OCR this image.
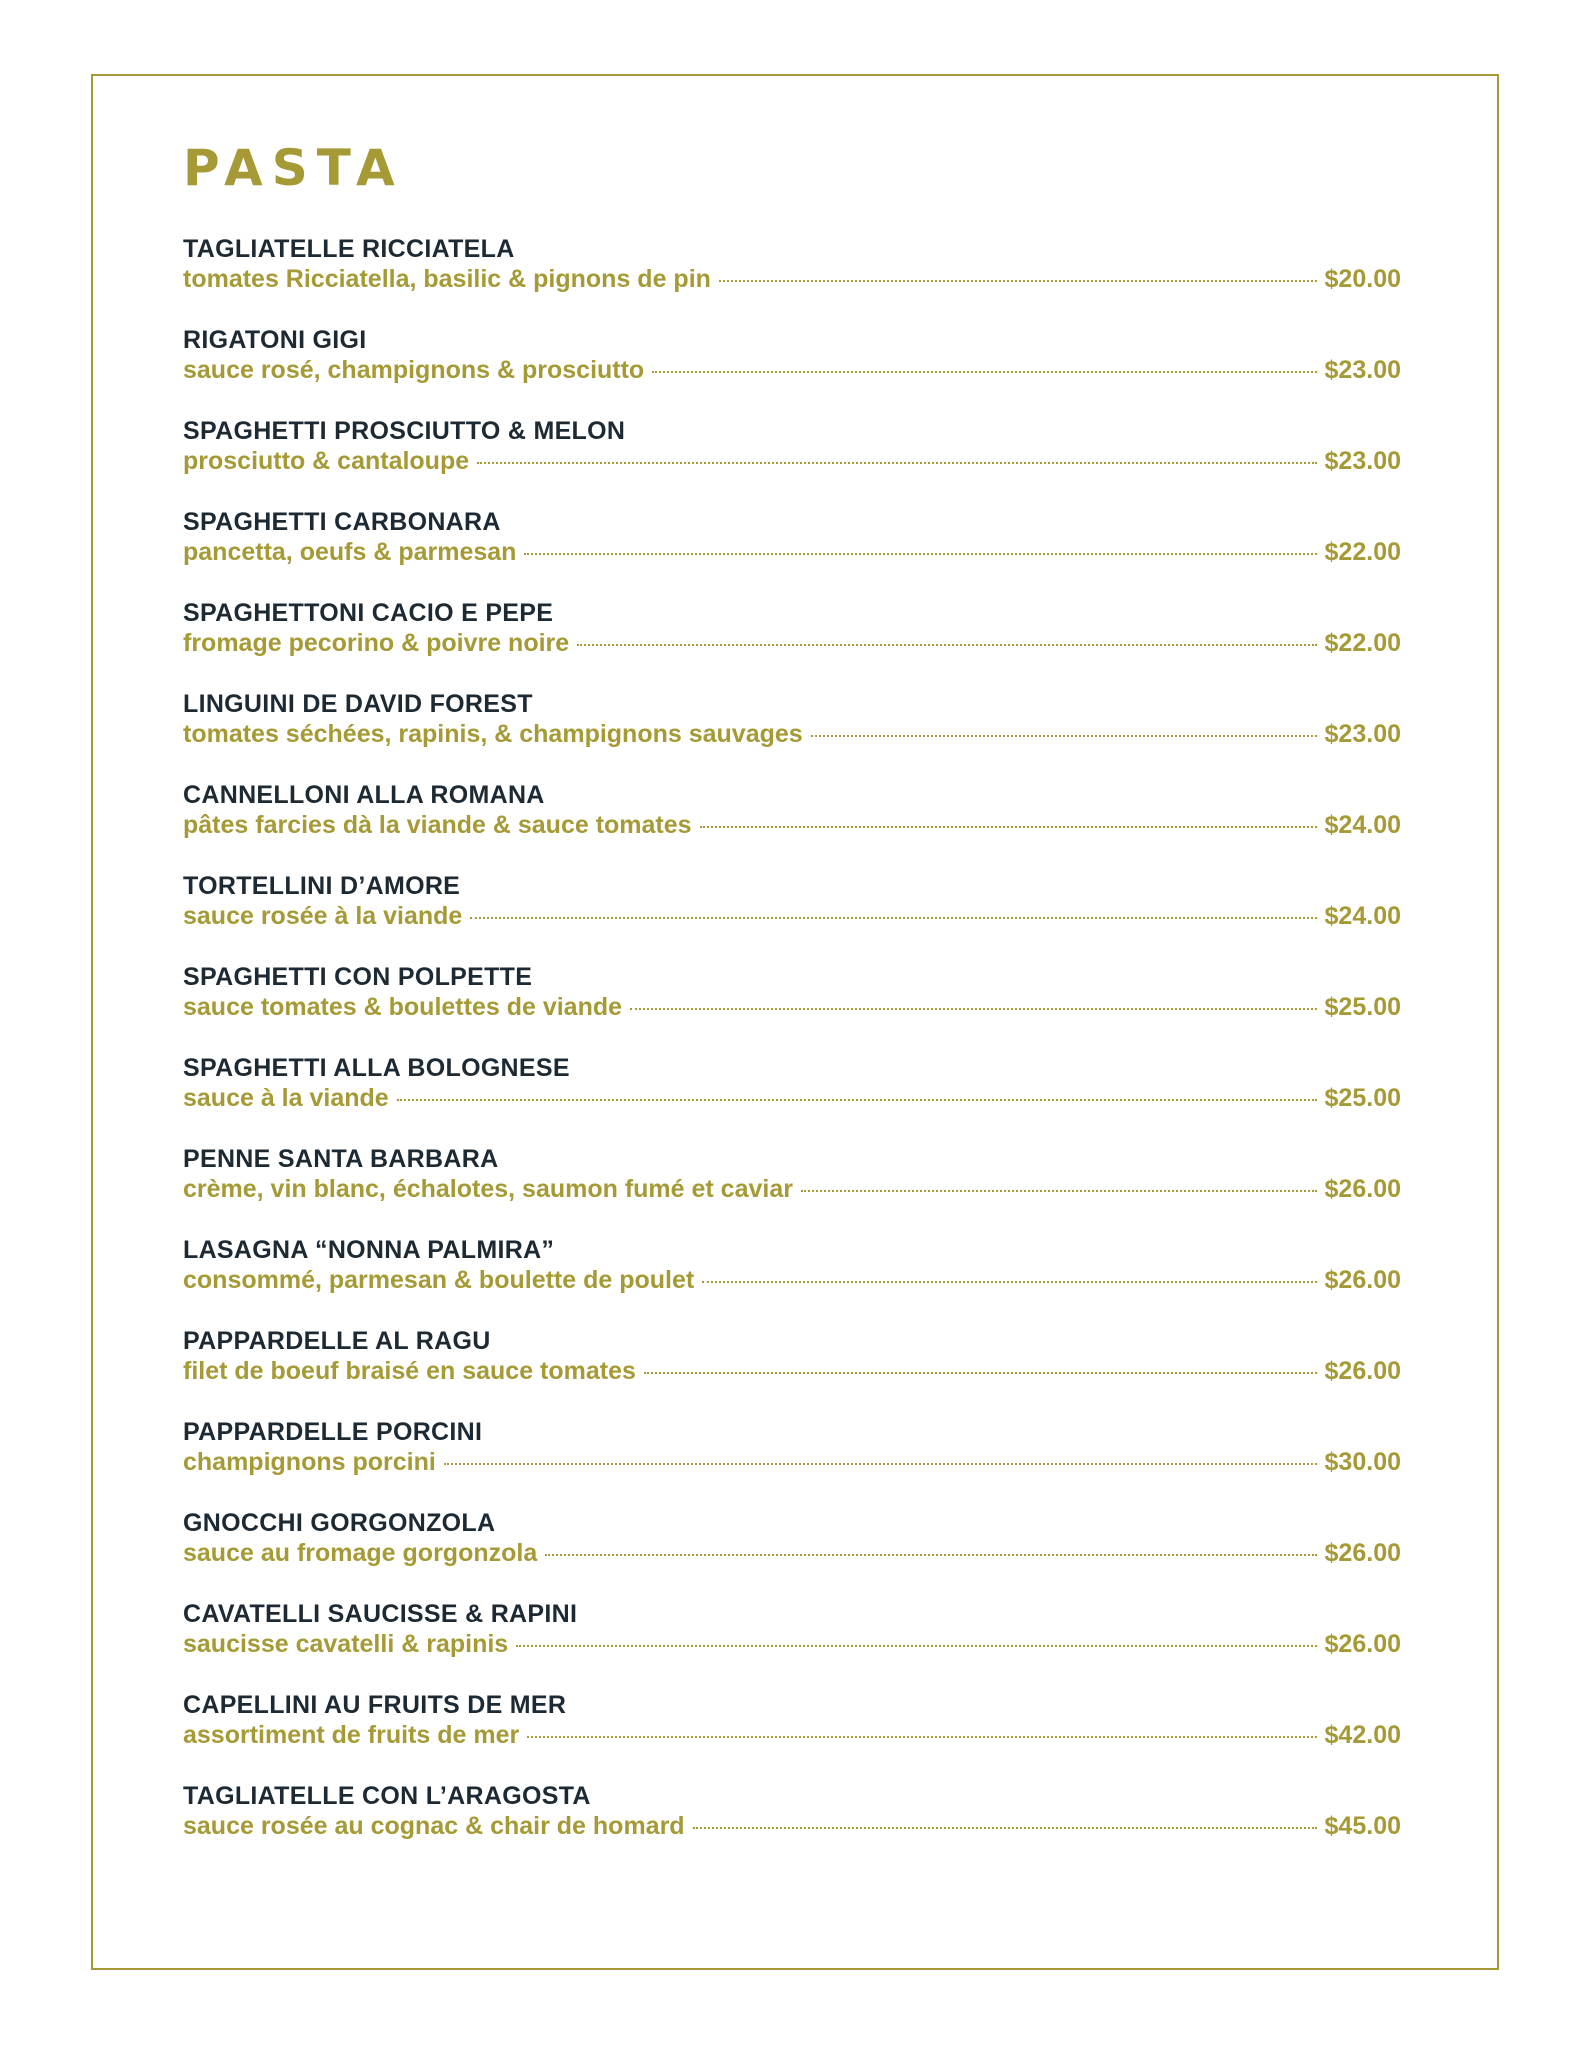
PASTA
TAGLIATELLE RICCIATELA
tomates Ricciatella, basilic & pignons de pin	$20.00
RIGATONI GIGI
sauce rosé, champignons & prosciutto	$23.00
SPAGHETTI PROSCIUTTO & MELON
prosciutto & cantaloupe	$23.00
SPAGHETTI CARBONARA
pancetta, oeufs & parmesan	$22.00
SPAGHETTONI CACIO E PEPE
fromage pecorino & poivre noire	$22.00
LINGUINI DE DAVID FOREST
tomates séchées, rapinis, & champignons sauvages	$23.00
CANNELLONI ALLA ROMANA
pâtes farcies dà la viande & sauce tomates	$24.00
TORTELLINI D’AMORE
sauce rosée à la viande	$24.00
SPAGHETTI CON POLPETTE
sauce tomates & boulettes de viande	$25.00
SPAGHETTI ALLA BOLOGNESE
sauce à la viande	$25.00
PENNE SANTA BARBARA
crème, vin blanc, échalotes, saumon fumé et caviar	$26.00
LASAGNA “NONNA PALMIRA”
consommé, parmesan & boulette de poulet	$26.00
PAPPARDELLE AL RAGU
filet de boeuf braisé en sauce tomates	$26.00
PAPPARDELLE PORCINI
champignons porcini	$30.00
GNOCCHI GORGONZOLA
sauce au fromage gorgonzola	$26.00
CAVATELLI SAUCISSE & RAPINI
saucisse cavatelli & rapinis	$26.00
CAPELLINI AU FRUITS DE MER
assortiment de fruits de mer	$42.00
TAGLIATELLE CON L’ARAGOSTA
sauce rosée au cognac & chair de homard	$45.00
